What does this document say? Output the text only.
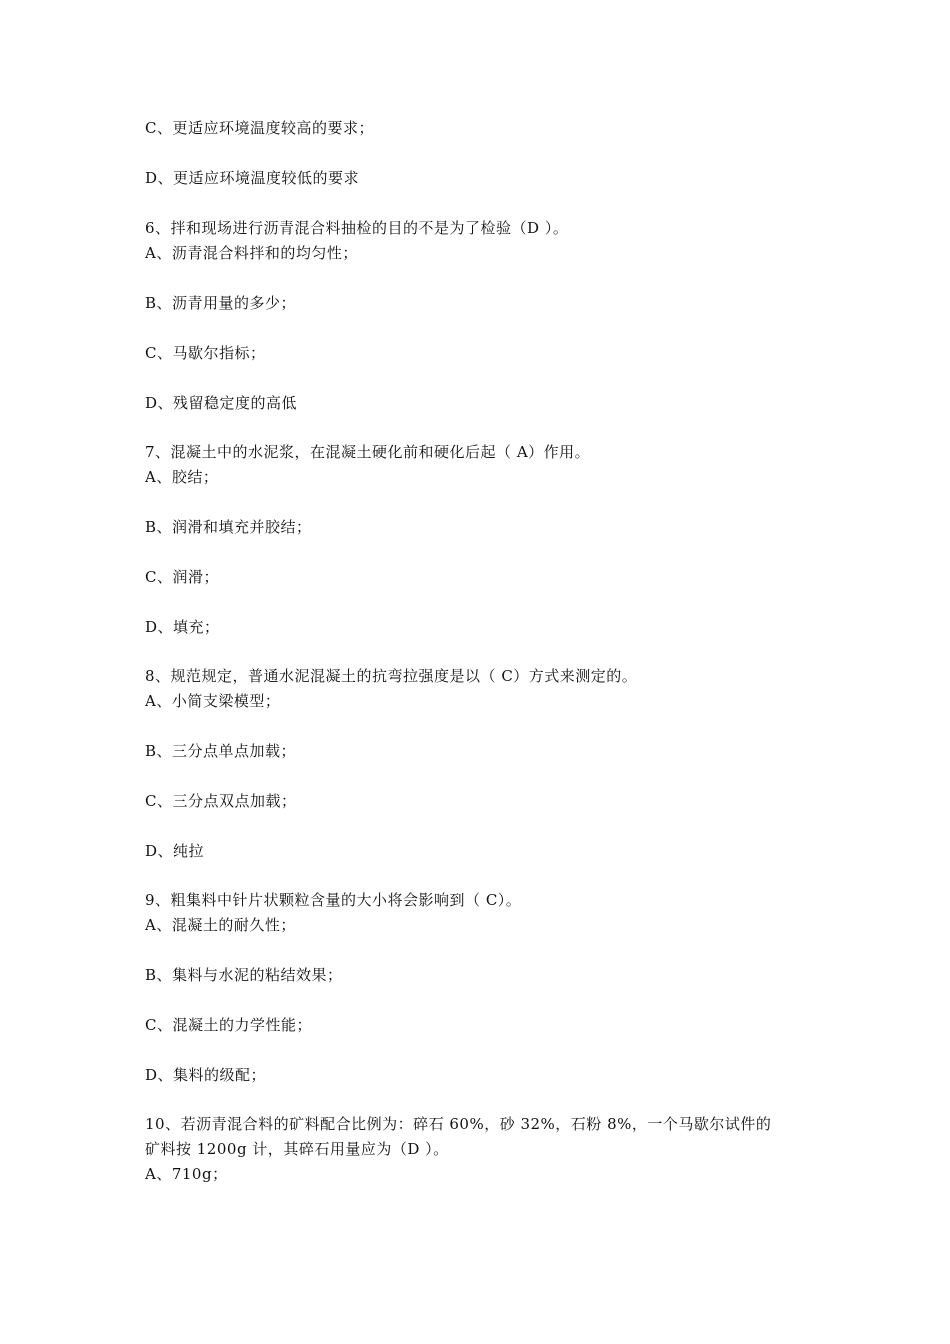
C、更适应环境温度较高的要求；
D、更适应环境温度较低的要求
6、拌和现场进行沥青混合料抽检的目的不是为了检验（D ）。
A、沥青混合料拌和的均匀性；
B、沥青用量的多少；
C、马歇尔指标；
D、残留稳定度的高低
7、混凝土中的水泥浆，在混凝土硬化前和硬化后起（ A）作用。
A、胶结；
B、润滑和填充并胶结；
C、润滑；
D、填充；
8、规范规定，普通水泥混凝土的抗弯拉强度是以（ C）方式来测定的。
A、小简支梁模型；
B、三分点单点加载；
C、三分点双点加载；
D、纯拉
9、粗集料中针片状颗粒含量的大小将会影响到（ C）。
A、混凝土的耐久性；
B、集料与水泥的粘结效果；
C、混凝土的力学性能；
D、集料的级配；
10、若沥青混合料的矿料配合比例为：碎石 60%，砂 32%，石粉 8%，一个马歇尔试件的
矿料按 1200g 计，其碎石用量应为（D ）。
A、710g；
